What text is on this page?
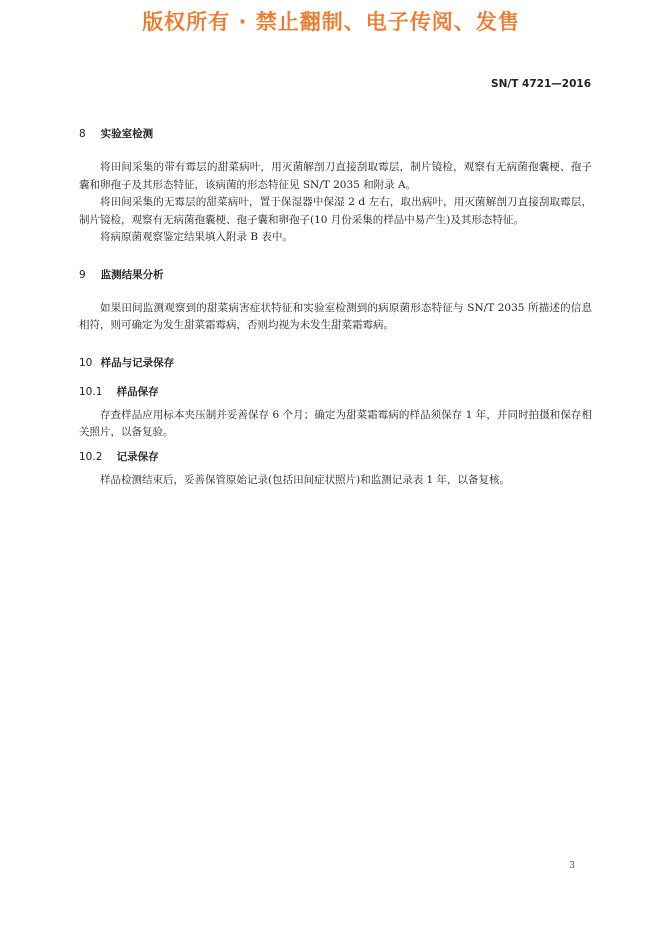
版权所有 · 禁止翻制、电子传阅、发售
SN/T 4721—2016
8 实验室检测

将田间采集的带有霉层的甜菜病叶，用灭菌解剖刀直接刮取霉层，制片镜检，观察有无病菌孢囊梗、孢子囊和卵孢子及其形态特征，该病菌的形态特征见 SN/T 2035 和附录 A。

将田间采集的无霉层的甜菜病叶，置于保湿器中保湿 2 d 左右，取出病叶，用灭菌解剖刀直接刮取霉层，制片镜检，观察有无病菌孢囊梗、孢子囊和卵孢子(10 月份采集的样品中易产生)及其形态特征。

将病原菌观察鉴定结果填入附录 B 表中。

9 监测结果分析

如果田间监测观察到的甜菜病害症状特征和实验室检测到的病原菌形态特征与 SN/T 2035 所描述的信息相符，则可确定为发生甜菜霜霉病，否则均视为未发生甜菜霜霉病。

10 样品与记录保存
10.1 样品保存

存查样品应用标本夹压制并妥善保存 6 个月；确定为甜菜霜霉病的样品须保存 1 年，并同时拍摄和保存相关照片，以备复验。

10.2 记录保存

样品检测结束后，妥善保管原始记录(包括田间症状照片)和监测记录表 1 年，以备复核。

3
